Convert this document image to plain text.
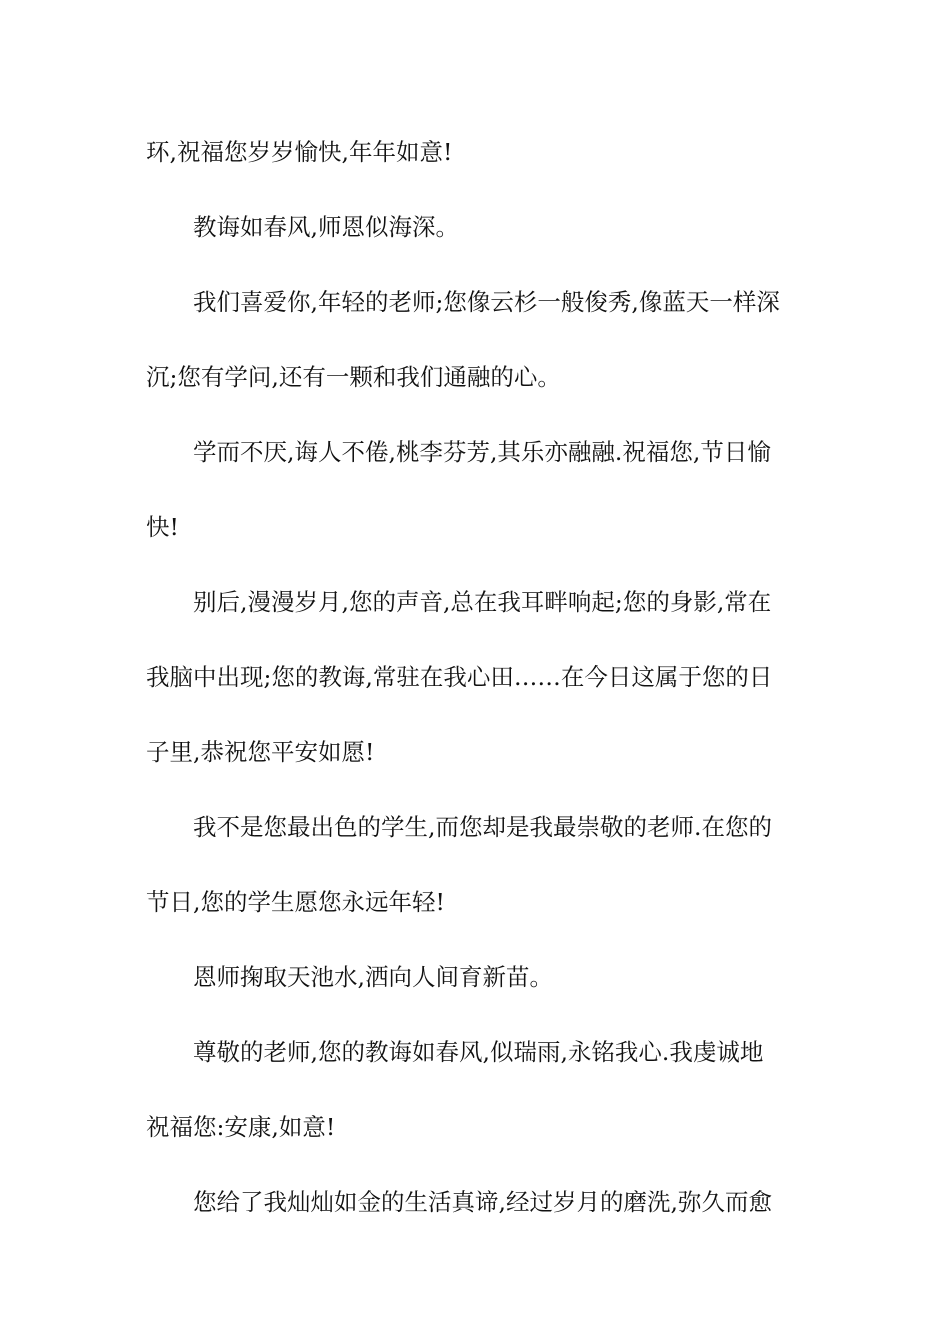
环,祝福您岁岁愉快,年年如意!
教诲如春风,师恩似海深。
我们喜爱你,年轻的老师;您像云杉一般俊秀,像蓝天一样深
沉;您有学问,还有一颗和我们通融的心。
学而不厌,诲人不倦,桃李芬芳,其乐亦融融.祝福您,节日愉
快!
别后,漫漫岁月,您的声音,总在我耳畔响起;您的身影,常在
我脑中出现;您的教诲,常驻在我心田……在今日这属于您的日
子里,恭祝您平安如愿!
我不是您最出色的学生,而您却是我最崇敬的老师.在您的
节日,您的学生愿您永远年轻!
恩师掬取天池水,洒向人间育新苗。
尊敬的老师,您的教诲如春风,似瑞雨,永铭我心.我虔诚地
祝福您:安康,如意!
您给了我灿灿如金的生活真谛,经过岁月的磨洗,弥久而愈
